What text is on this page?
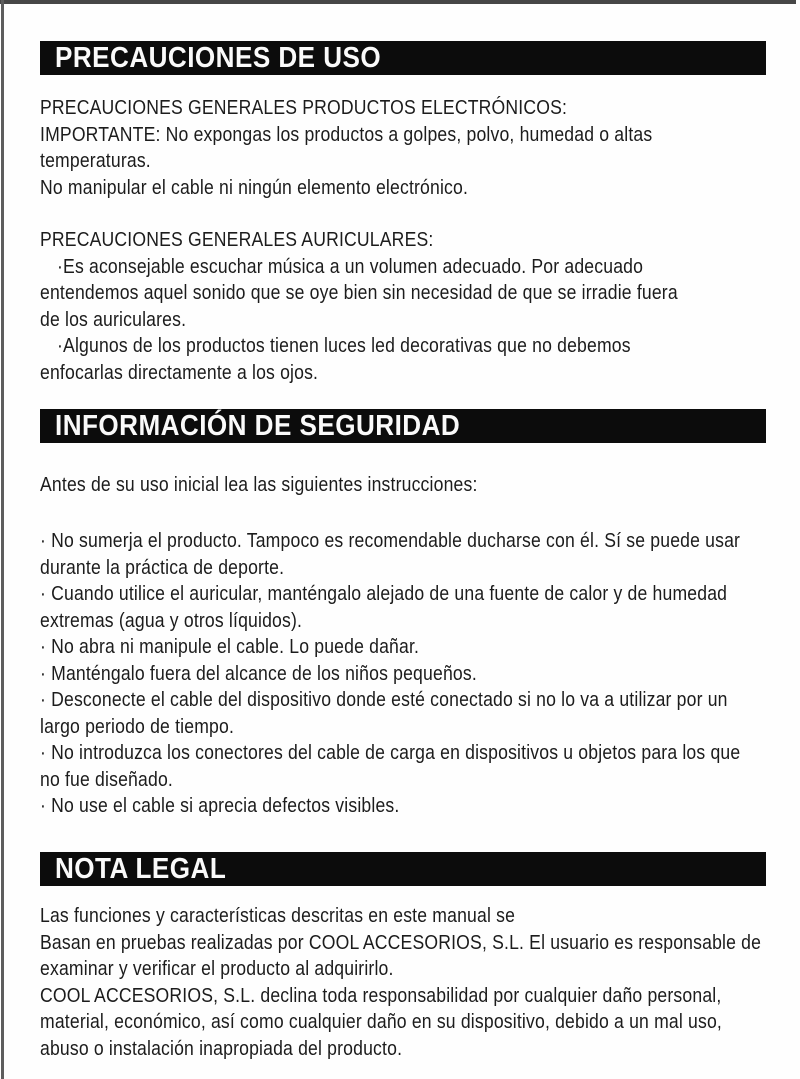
PRECAUCIONES DE USO
PRECAUCIONES GENERALES PRODUCTOS ELECTRÓNICOS:
IMPORTANTE: No expongas los productos a golpes, polvo, humedad o altas
temperaturas.
No manipular el cable ni ningún elemento electrónico.
PRECAUCIONES GENERALES AURICULARES:
·Es aconsejable escuchar música a un volumen adecuado. Por adecuado
entendemos aquel sonido que se oye bien sin necesidad de que se irradie fuera
de los auriculares.
·Algunos de los productos tienen luces led decorativas que no debemos
enfocarlas directamente a los ojos.
INFORMACIÓN DE SEGURIDAD
Antes de su uso inicial lea las siguientes instrucciones:
· No sumerja el producto. Tampoco es recomendable ducharse con él. Sí se puede usar
durante la práctica de deporte.
· Cuando utilice el auricular, manténgalo alejado de una fuente de calor y de humedad
extremas (agua y otros líquidos).
· No abra ni manipule el cable. Lo puede dañar.
· Manténgalo fuera del alcance de los niños pequeños.
· Desconecte el cable del dispositivo donde esté conectado si no lo va a utilizar por un
largo periodo de tiempo.
· No introduzca los conectores del cable de carga en dispositivos u objetos para los que
no fue diseñado.
· No use el cable si aprecia defectos visibles.
NOTA LEGAL
Las funciones y características descritas en este manual se
Basan en pruebas realizadas por COOL ACCESORIOS, S.L. El usuario es responsable de
examinar y verificar el producto al adquirirlo.
COOL ACCESORIOS, S.L. declina toda responsabilidad por cualquier daño personal,
material, económico, así como cualquier daño en su dispositivo, debido a un mal uso,
abuso o instalación inapropiada del producto.
